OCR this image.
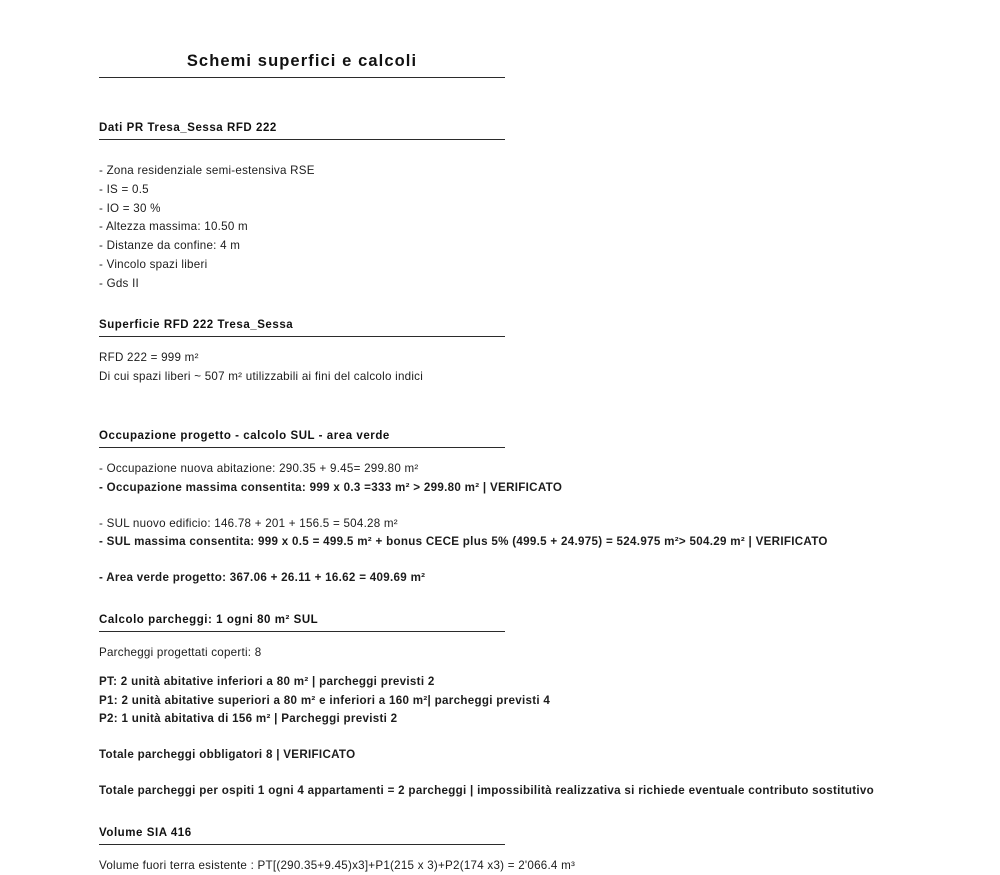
Schemi superfici e calcoli
Dati PR Tresa_Sessa RFD 222
- Zona residenziale semi-estensiva RSE
- IS = 0.5
- IO = 30 %
- Altezza massima: 10.50 m
- Distanze da confine: 4 m
- Vincolo spazi liberi
- Gds II
Superficie RFD 222 Tresa_Sessa
RFD 222 = 999 m²
Di cui spazi liberi ~ 507 m² utilizzabili ai fini del calcolo indici
Occupazione progetto - calcolo SUL - area verde
- Occupazione nuova abitazione: 290.35 + 9.45= 299.80 m²
- Occupazione massima consentita: 999 x 0.3 =333 m² > 299.80 m² | VERIFICATO
- SUL nuovo edificio: 146.78 + 201 + 156.5 = 504.28 m²
- SUL massima consentita: 999 x 0.5 = 499.5 m² + bonus CECE plus 5% (499.5 + 24.975) = 524.975 m²> 504.29 m² | VERIFICATO
- Area verde progetto: 367.06 + 26.11 + 16.62 = 409.69 m²
Calcolo parcheggi: 1 ogni 80 m² SUL
Parcheggi progettati coperti: 8
PT: 2 unità abitative inferiori a 80 m² | parcheggi previsti 2
P1: 2 unità abitative superiori a 80 m² e inferiori a 160 m²| parcheggi previsti 4
P2: 1 unità abitativa di 156 m² | Parcheggi previsti 2
Totale parcheggi obbligatori 8 | VERIFICATO
Totale parcheggi per ospiti 1 ogni 4 appartamenti = 2 parcheggi | impossibilità realizzativa si richiede eventuale contributo sostitutivo
Volume SIA 416
Volume fuori terra esistente : PT[(290.35+9.45)x3]+P1(215 x 3)+P2(174 x3) = 2'066.4 m³
